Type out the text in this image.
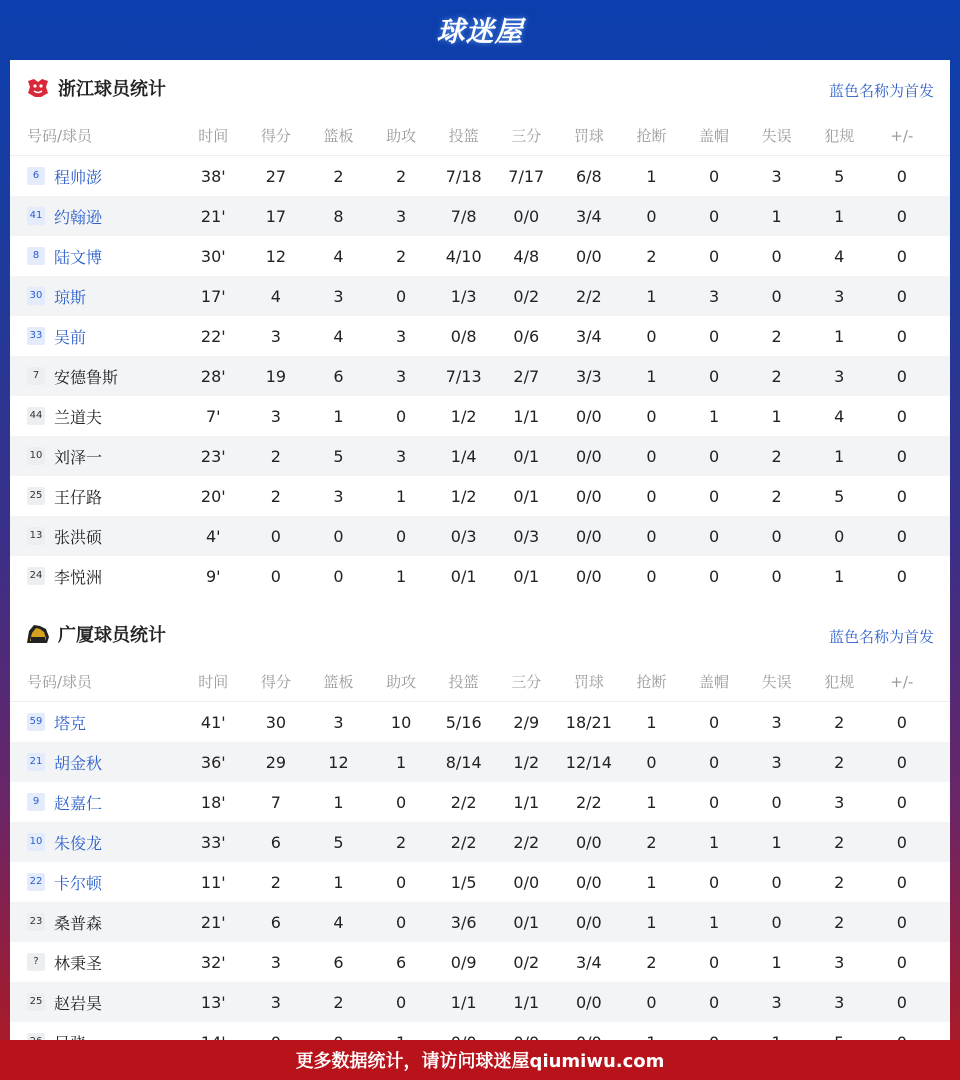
球迷屋
浙江球员统计	蓝色名称为首发
号码/球员	时间	得分	篮板	助攻	投篮	三分	罚球	抢断	盖帽	失误	犯规	+/-
6 程帅澎	38'	27	2	2	7/18	7/17	6/8	1	0	3	5	0
41 约翰逊	21'	17	8	3	7/8	0/0	3/4	0	0	1	1	0
8 陆文博	30'	12	4	2	4/10	4/8	0/0	2	0	0	4	0
30 琼斯	17'	4	3	0	1/3	0/2	2/2	1	3	0	3	0
33 吴前	22'	3	4	3	0/8	0/6	3/4	0	0	2	1	0
7 安德鲁斯	28'	19	6	3	7/13	2/7	3/3	1	0	2	3	0
44 兰道夫	7'	3	1	0	1/2	1/1	0/0	0	1	1	4	0
10 刘泽一	23'	2	5	3	1/4	0/1	0/0	0	0	2	1	0
25 王仔路	20'	2	3	1	1/2	0/1	0/0	0	0	2	5	0
13 张洪硕	4'	0	0	0	0/3	0/3	0/0	0	0	0	0	0
24 李悦洲	9'	0	0	1	0/1	0/1	0/0	0	0	0	1	0
广厦球员统计	蓝色名称为首发
号码/球员	时间	得分	篮板	助攻	投篮	三分	罚球	抢断	盖帽	失误	犯规	+/-
59 塔克	41'	30	3	10	5/16	2/9	18/21	1	0	3	2	0
21 胡金秋	36'	29	12	1	8/14	1/2	12/14	0	0	3	2	0
9 赵嘉仁	18'	7	1	0	2/2	1/1	2/2	1	0	0	3	0
10 朱俊龙	33'	6	5	2	2/2	2/2	0/0	2	1	1	2	0
22 卡尔顿	11'	2	1	0	1/5	0/0	0/0	1	0	0	2	0
23 桑普森	21'	6	4	0	3/6	0/1	0/0	1	1	0	2	0
? 林秉圣	32'	3	6	6	0/9	0/2	3/4	2	0	1	3	0
25 赵岩昊	13'	3	2	0	1/1	1/1	0/0	0	0	3	3	0
更多数据统计，请访问球迷屋qiumiwu.com
